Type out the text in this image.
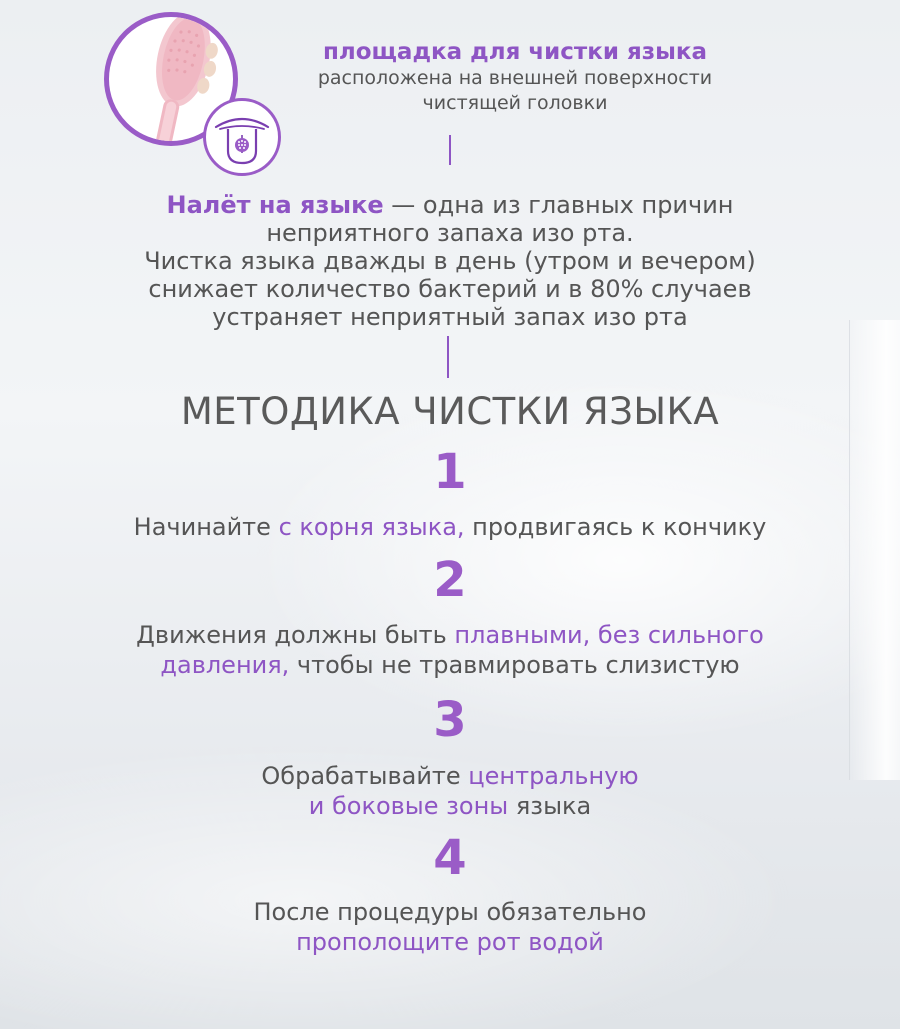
площадка для чистки языка
расположена на внешней поверхности
чистящей головки
Налёт на языке — одна из главных причин
неприятного запаха изо рта.
Чистка языка дважды в день (утром и вечером)
снижает количество бактерий и в 80% случаев
устраняет неприятный запах изо рта
МЕТОДИКА ЧИСТКИ ЯЗЫКА
1
Начинайте с корня языка, продвигаясь к кончику
2
Движения должны быть плавными, без сильного
давления, чтобы не травмировать слизистую
3
Обрабатывайте центральную
и боковые зоны языка
4
После процедуры обязательно
прополощите рот водой
